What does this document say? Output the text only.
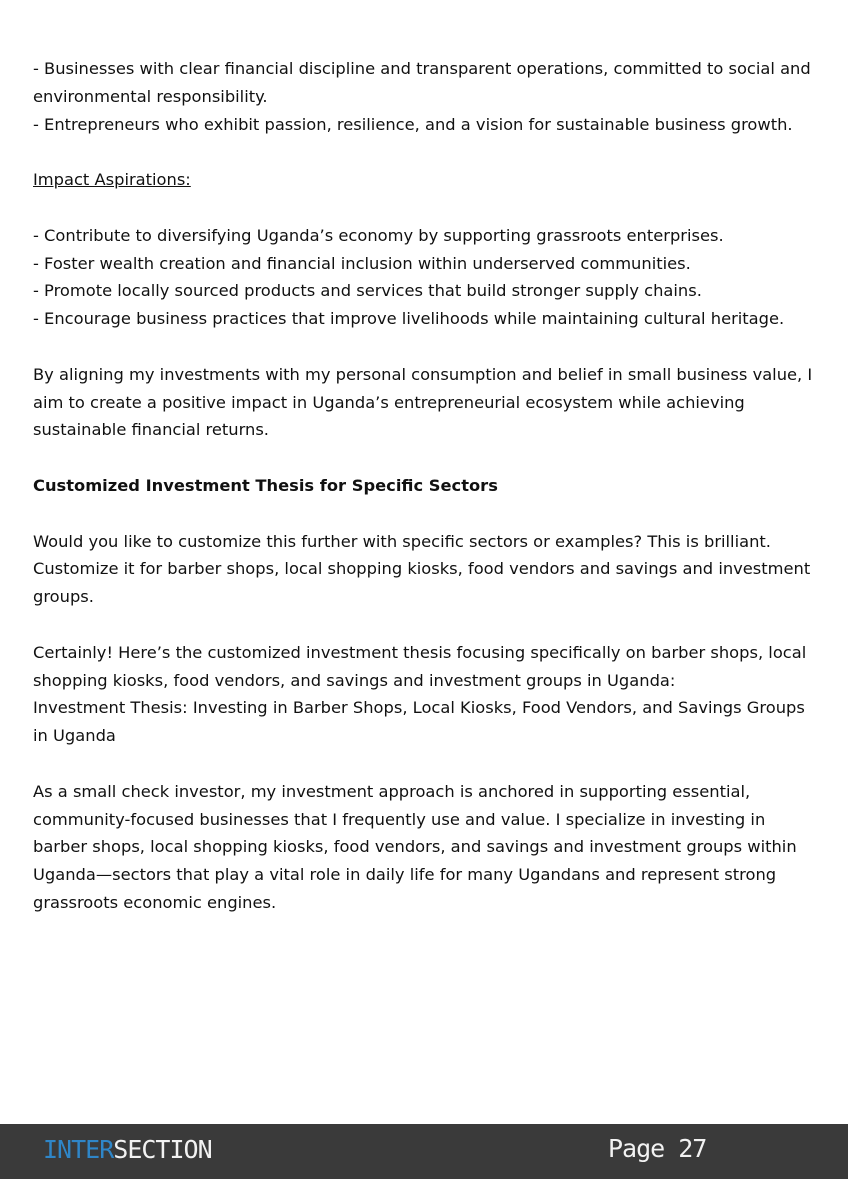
- Businesses with clear financial discipline and transparent operations, committed to social and environmental responsibility.

- Entrepreneurs who exhibit passion, resilience, and a vision for sustainable business growth.

Impact Aspirations:

- Contribute to diversifying Uganda’s economy by supporting grassroots enterprises.

- Foster wealth creation and financial inclusion within underserved communities.

- Promote locally sourced products and services that build stronger supply chains.

- Encourage business practices that improve livelihoods while maintaining cultural heritage.

By aligning my investments with my personal consumption and belief in small business value, I aim to create a positive impact in Uganda’s entrepreneurial ecosystem while achieving sustainable financial returns.

Customized Investment Thesis for Specific Sectors

Would you like to customize this further with specific sectors or examples? This is brilliant. Customize it for barber shops, local shopping kiosks, food vendors and savings and investment groups.

Certainly! Here’s the customized investment thesis focusing specifically on barber shops, local shopping kiosks, food vendors, and savings and investment groups in Uganda:

Investment Thesis: Investing in Barber Shops, Local Kiosks, Food Vendors, and Savings Groups in Uganda

As a small check investor, my investment approach is anchored in supporting essential, community-focused businesses that I frequently use and value. I specialize in investing in barber shops, local shopping kiosks, food vendors, and savings and investment groups within Uganda—sectors that play a vital role in daily life for many Ugandans and represent strong grassroots economic engines.

INTERSECTION	Page 27
